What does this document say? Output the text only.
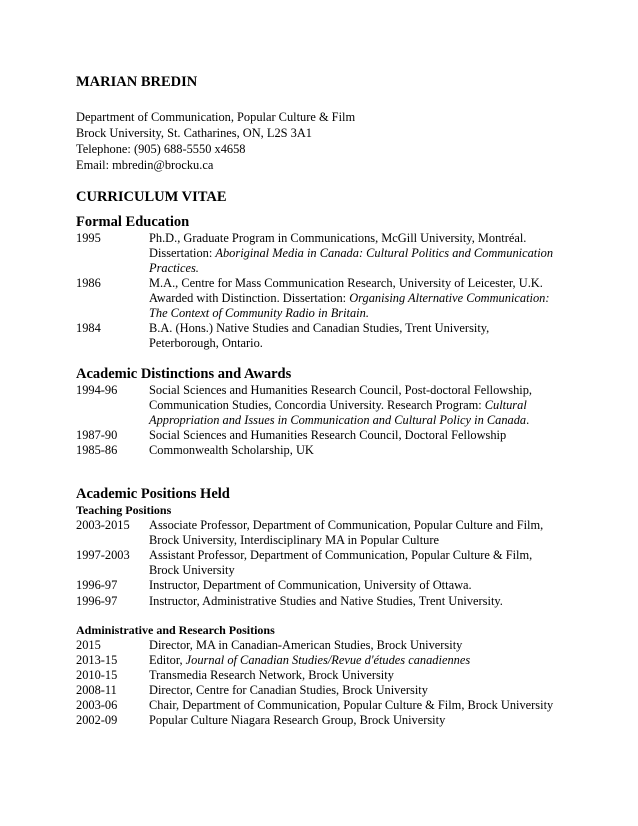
MARIAN BREDIN
Department of Communication, Popular Culture & Film
Brock University, St. Catharines, ON, L2S 3A1
Telephone: (905) 688-5550 x4658
Email: mbredin@brocku.ca
CURRICULUM VITAE
Formal Education
1995	Ph.D., Graduate Program in Communications, McGill University, Montréal.
Dissertation: Aboriginal Media in Canada: Cultural Politics and Communication
Practices.
1986	M.A., Centre for Mass Communication Research, University of Leicester, U.K.
Awarded with Distinction. Dissertation: Organising Alternative Communication:
The Context of Community Radio in Britain.
1984	B.A. (Hons.) Native Studies and Canadian Studies, Trent University,
Peterborough, Ontario.
Academic Distinctions and Awards
1994-96	Social Sciences and Humanities Research Council, Post-doctoral Fellowship,
Communication Studies, Concordia University. Research Program: Cultural
Appropriation and Issues in Communication and Cultural Policy in Canada.
1987-90	Social Sciences and Humanities Research Council, Doctoral Fellowship
1985-86	Commonwealth Scholarship, UK
Academic Positions Held
Teaching Positions
2003-2015 Associate Professor, Department of Communication, Popular Culture and Film,
Brock University, Interdisciplinary MA in Popular Culture
1997-2003 Assistant Professor, Department of Communication, Popular Culture & Film,
Brock University
1996-97	Instructor, Department of Communication, University of Ottawa.
1996-97	Instructor, Administrative Studies and Native Studies, Trent University.
Administrative and Research Positions
2015	Director, MA in Canadian-American Studies, Brock University
2013-15	Editor, Journal of Canadian Studies/Revue d'études canadiennes
2010-15	Transmedia Research Network, Brock University
2008-11	Director, Centre for Canadian Studies, Brock University
2003-06	Chair, Department of Communication, Popular Culture & Film, Brock University
2002-09	Popular Culture Niagara Research Group, Brock University
